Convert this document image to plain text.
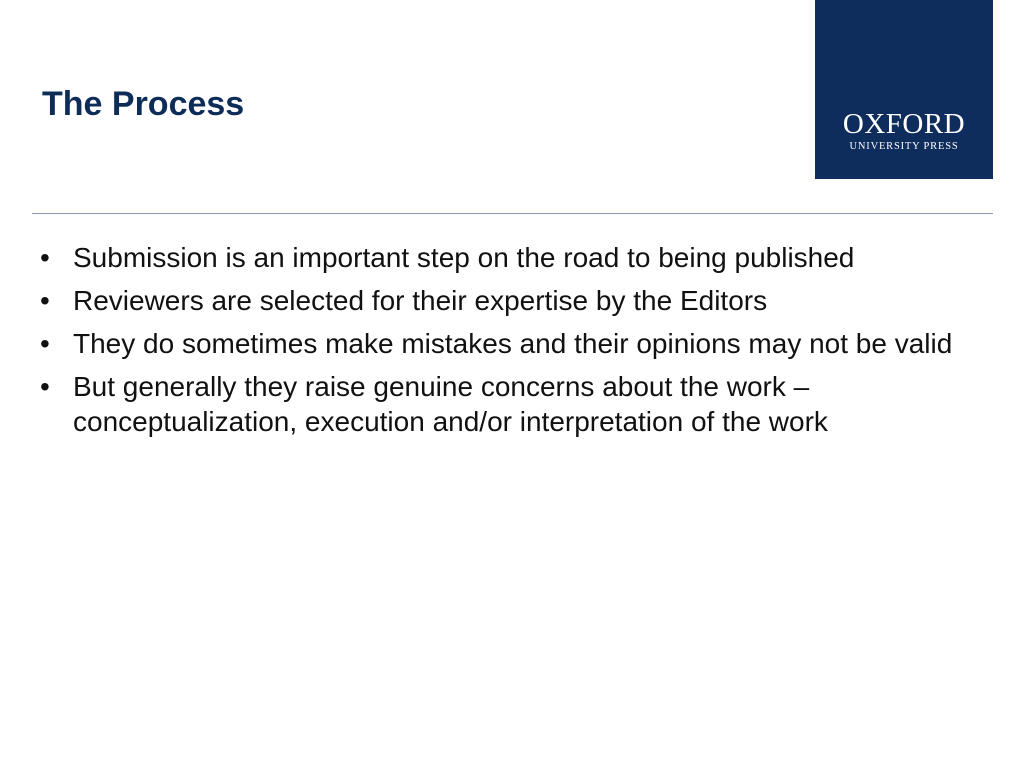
The Process
OXFORD
UNIVERSITY PRESS
• Submission is an important step on the road to being published
• Reviewers are selected for their expertise by the Editors
• They do sometimes make mistakes and their opinions may not be valid
• But generally they raise genuine concerns about the work – conceptualization, execution and/or interpretation of the work
